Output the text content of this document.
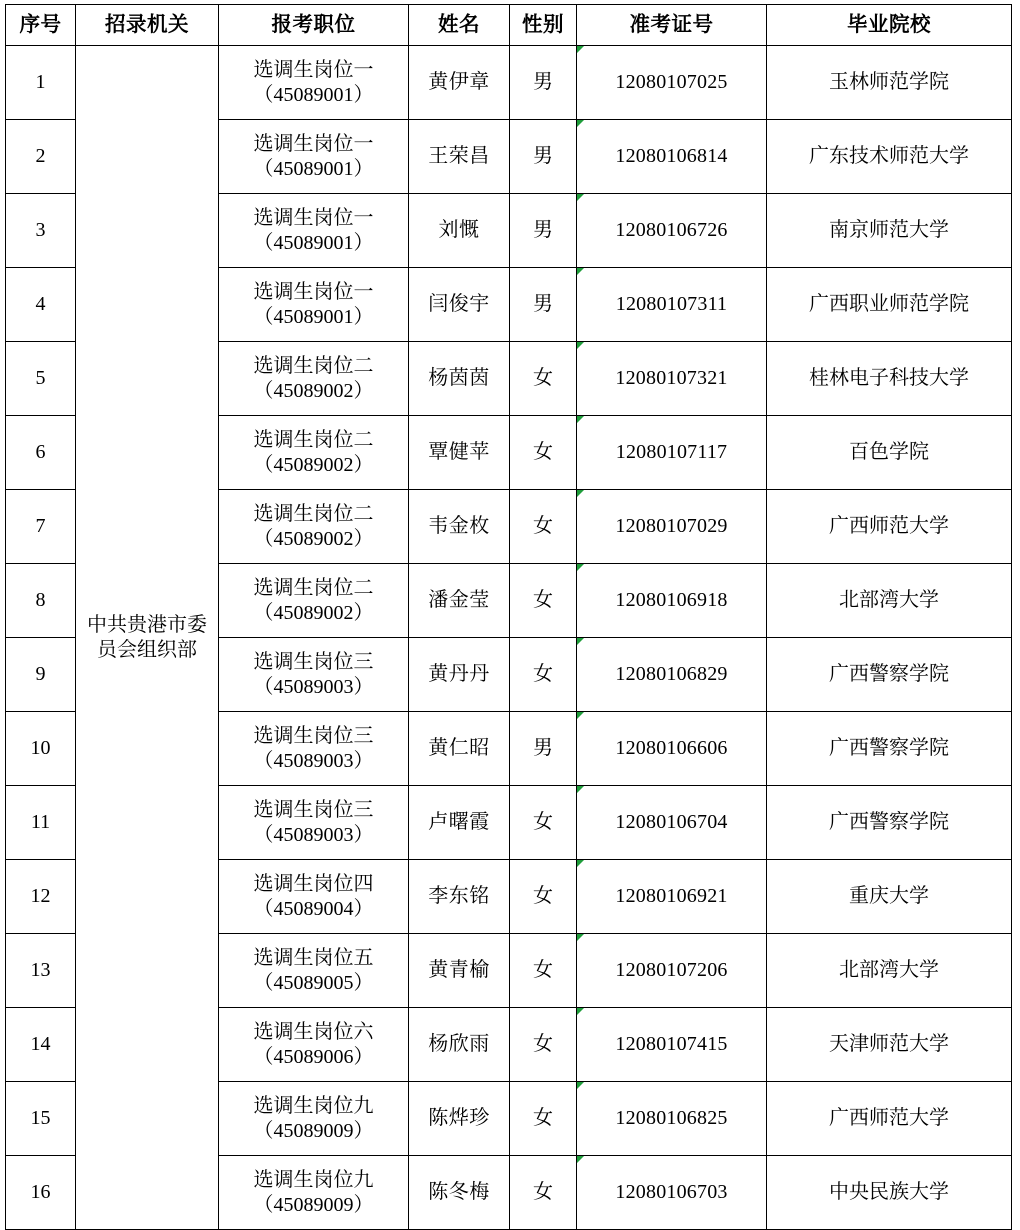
序号	招录机关	报考职位	姓名	性别	准考证号	毕业院校
1	中共贵港市委
员会组织部	选调生岗位一
（45089001）	黄伊章	男	12080107025	玉林师范学院
2		选调生岗位一
（45089001）	王荣昌	男	12080106814	广东技术师范大学
3		选调生岗位一
（45089001）	刘慨	男	12080106726	南京师范大学
4		选调生岗位一
（45089001）	闫俊宇	男	12080107311	广西职业师范学院
5		选调生岗位二
（45089002）	杨茵茵	女	12080107321	桂林电子科技大学
6		选调生岗位二
（45089002）	覃健苹	女	12080107117	百色学院
7		选调生岗位二
（45089002）	韦金枚	女	12080107029	广西师范大学
8		选调生岗位二
（45089002）	潘金莹	女	12080106918	北部湾大学
9		选调生岗位三
（45089003）	黄丹丹	女	12080106829	广西警察学院
10		选调生岗位三
（45089003）	黄仁昭	男	12080106606	广西警察学院
11		选调生岗位三
（45089003）	卢曙霞	女	12080106704	广西警察学院
12		选调生岗位四
（45089004）	李东铭	女	12080106921	重庆大学
13		选调生岗位五
（45089005）	黄青榆	女	12080107206	北部湾大学
14		选调生岗位六
（45089006）	杨欣雨	女	12080107415	天津师范大学
15		选调生岗位九
（45089009）	陈烨珍	女	12080106825	广西师范大学
16		选调生岗位九
（45089009）	陈冬梅	女	12080106703	中央民族大学
